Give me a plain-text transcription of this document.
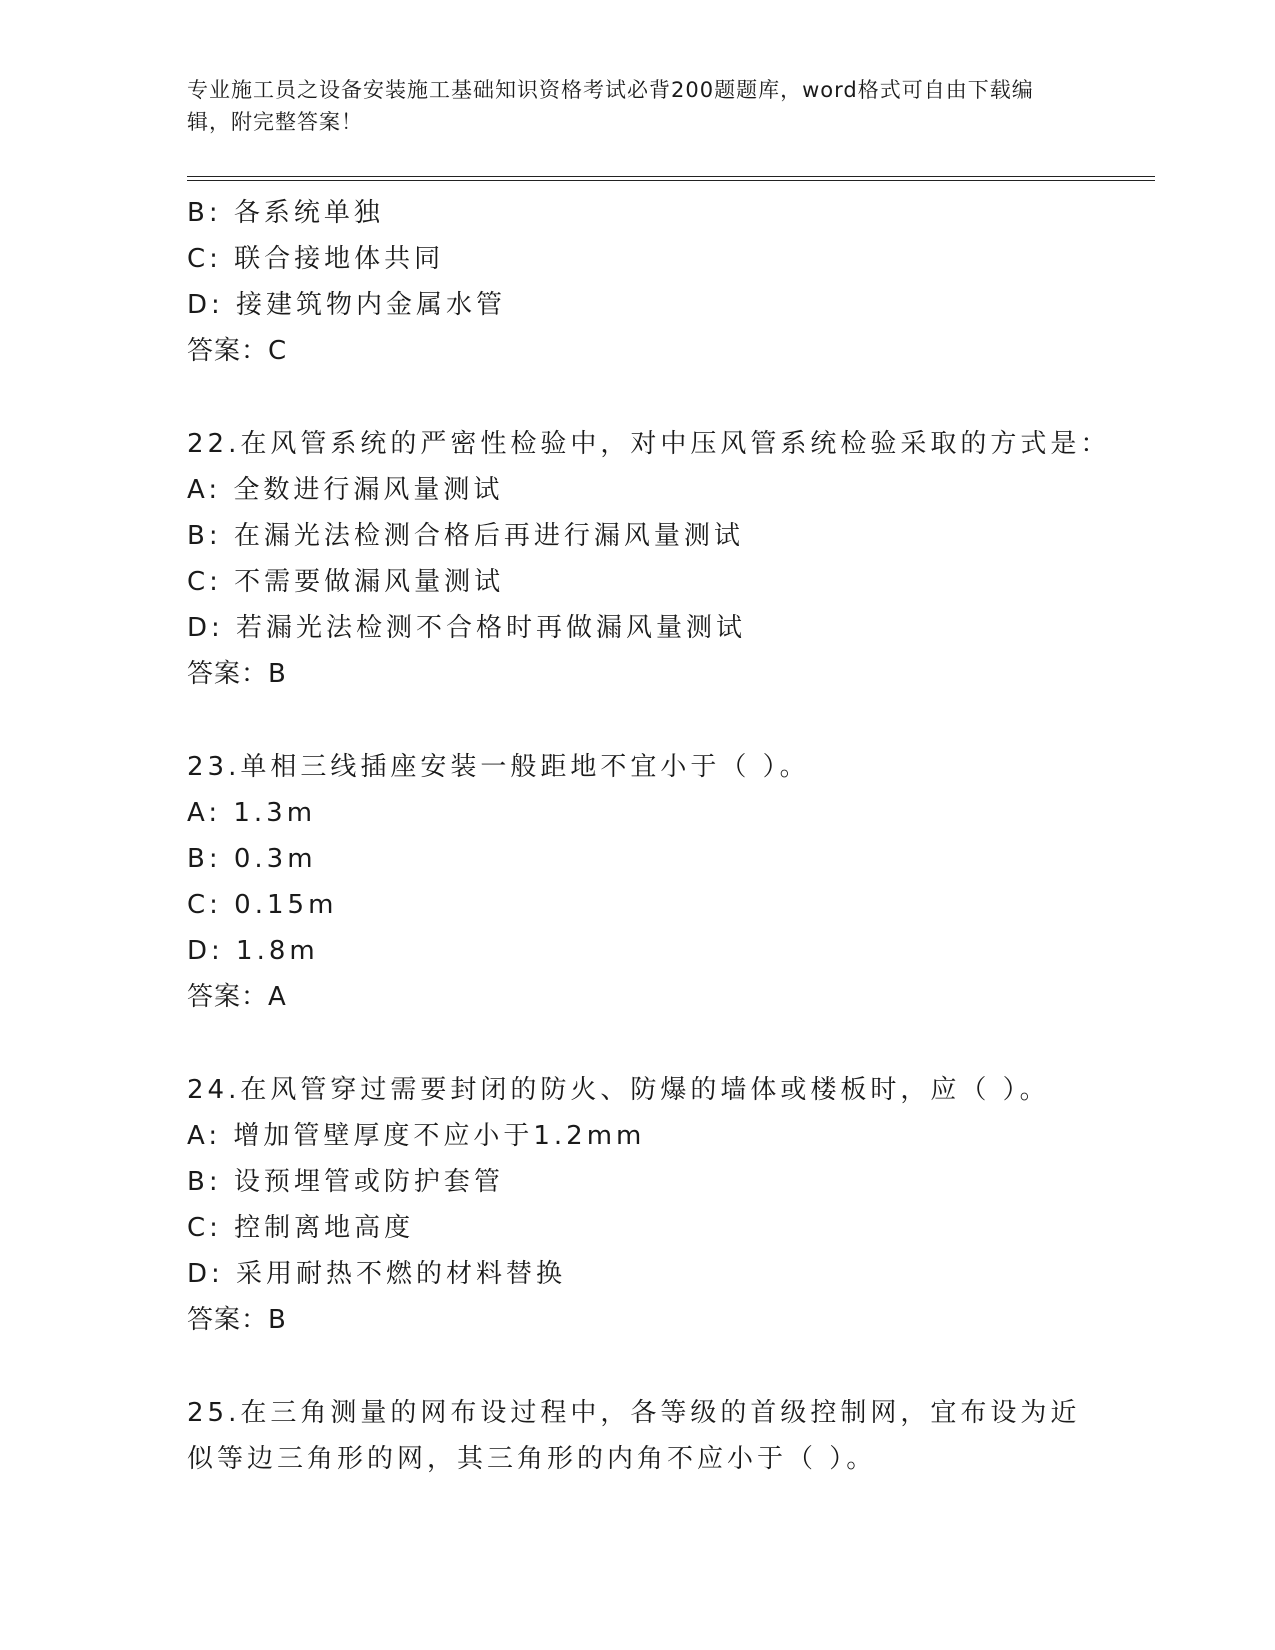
专业施工员之设备安装施工基础知识资格考试必背200题题库，word格式可自由下载编辑，附完整答案！
B: 各系统单独
C: 联合接地体共同
D: 接建筑物内金属水管
答案：C
22.在风管系统的严密性检验中，对中压风管系统检验采取的方式是：
A: 全数进行漏风量测试
B: 在漏光法检测合格后再进行漏风量测试
C: 不需要做漏风量测试
D: 若漏光法检测不合格时再做漏风量测试
答案：B
23.单相三线插座安装一般距地不宜小于（ ）。
A: 1.3m
B: 0.3m
C: 0.15m
D: 1.8m
答案：A
24.在风管穿过需要封闭的防火、防爆的墙体或楼板时，应（ ）。
A: 增加管壁厚度不应小于1.2mm
B: 设预埋管或防护套管
C: 控制离地高度
D: 采用耐热不燃的材料替换
答案：B
25.在三角测量的网布设过程中，各等级的首级控制网，宜布设为近似等边三角形的网，其三角形的内角不应小于（ ）。
